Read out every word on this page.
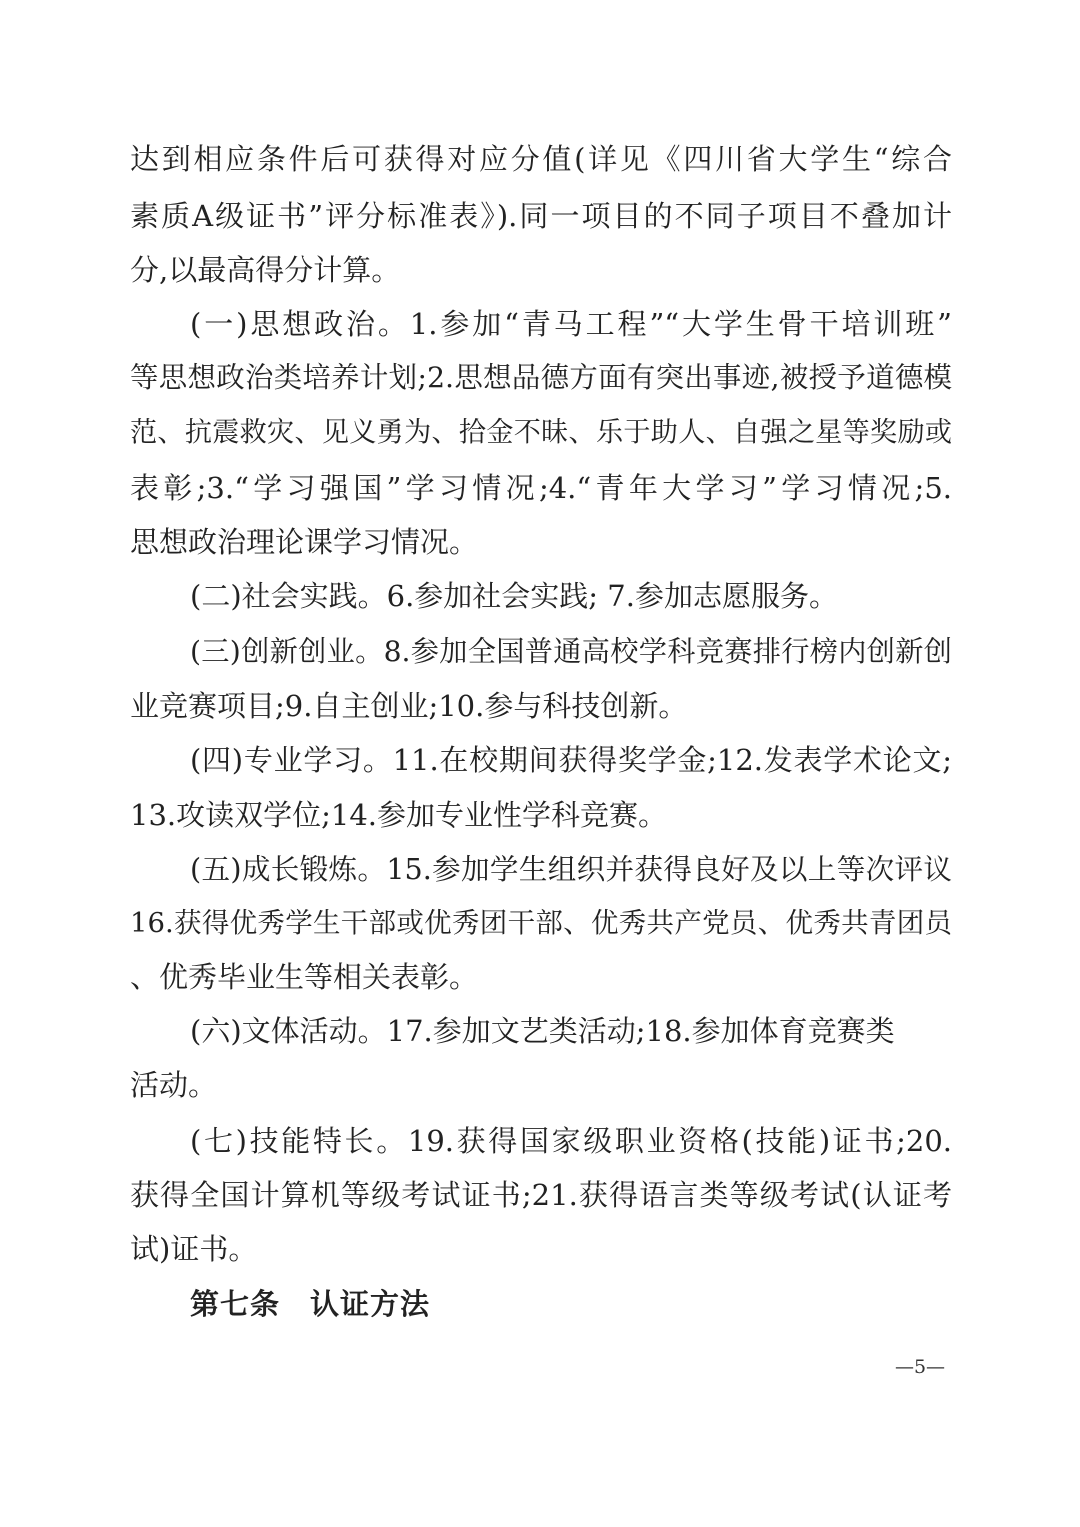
达到相应条件后可获得对应分值(详见《四川省大学生“综合
素质A级证书”评分标准表》).同一项目的不同子项目不叠加计
分,以最高得分计算。
(一)思想政治。1.参加“青马工程”“大学生骨干培训班”
等思想政治类培养计划;2.思想品德方面有突出事迹,被授予道德模
范、抗震救灾、见义勇为、拾金不昧、乐于助人、自强之星等奖励或
表彰;3.“学习强国”学习情况;4.“青年大学习”学习情况;5.
思想政治理论课学习情况。
(二)社会实践。6.参加社会实践; 7.参加志愿服务。
(三)创新创业。8.参加全国普通高校学科竞赛排行榜内创新创
业竞赛项目;9.自主创业;10.参与科技创新。
(四)专业学习。11.在校期间获得奖学金;12.发表学术论文;
13.攻读双学位;14.参加专业性学科竞赛。
(五)成长锻炼。15.参加学生组织并获得良好及以上等次评议
16.获得优秀学生干部或优秀团干部、优秀共产党员、优秀共青团员
、优秀毕业生等相关表彰。
(六)文体活动。17.参加文艺类活动;18.参加体育竞赛类
活动。
(七)技能特长。19.获得国家级职业资格(技能)证书;20.
获得全国计算机等级考试证书;21.获得语言类等级考试(认证考
试)证书。
第七条 认证方法
—5—
